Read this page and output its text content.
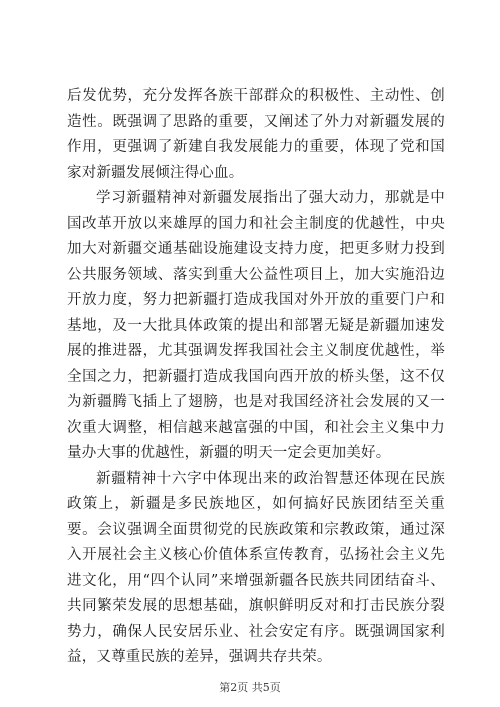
后发优势，充分发挥各族干部群众的积极性、主动性、创造性。既强调了思路的重要，又阐述了外力对新疆发展的作用，更强调了新建自我发展能力的重要，体现了党和国家对新疆发展倾注得心血。

学习新疆精神对新疆发展指出了强大动力，那就是中国改革开放以来雄厚的国力和社会主制度的优越性，中央加大对新疆交通基础设施建设支持力度，把更多财力投到公共服务领域、落实到重大公益性项目上，加大实施沿边开放力度，努力把新疆打造成我国对外开放的重要门户和基地，及一大批具体政策的提出和部署无疑是新疆加速发展的推进器，尤其强调发挥我国社会主义制度优越性，举全国之力，把新疆打造成我国向西开放的桥头堡，这不仅为新疆腾飞插上了翅膀，也是对我国经济社会发展的又一次重大调整，相信越来越富强的中国，和社会主义集中力量办大事的优越性，新疆的明天一定会更加美好。

新疆精神十六字中体现出来的政治智慧还体现在民族政策上，新疆是多民族地区，如何搞好民族团结至关重要。会议强调全面贯彻党的民族政策和宗教政策，通过深入开展社会主义核心价值体系宣传教育，弘扬社会主义先进文化，用“四个认同”来增强新疆各民族共同团结奋斗、共同繁荣发展的思想基础，旗帜鲜明反对和打击民族分裂势力，确保人民安居乐业、社会安定有序。既强调国家利益，又尊重民族的差异，强调共存共荣。

第2页 共5页
